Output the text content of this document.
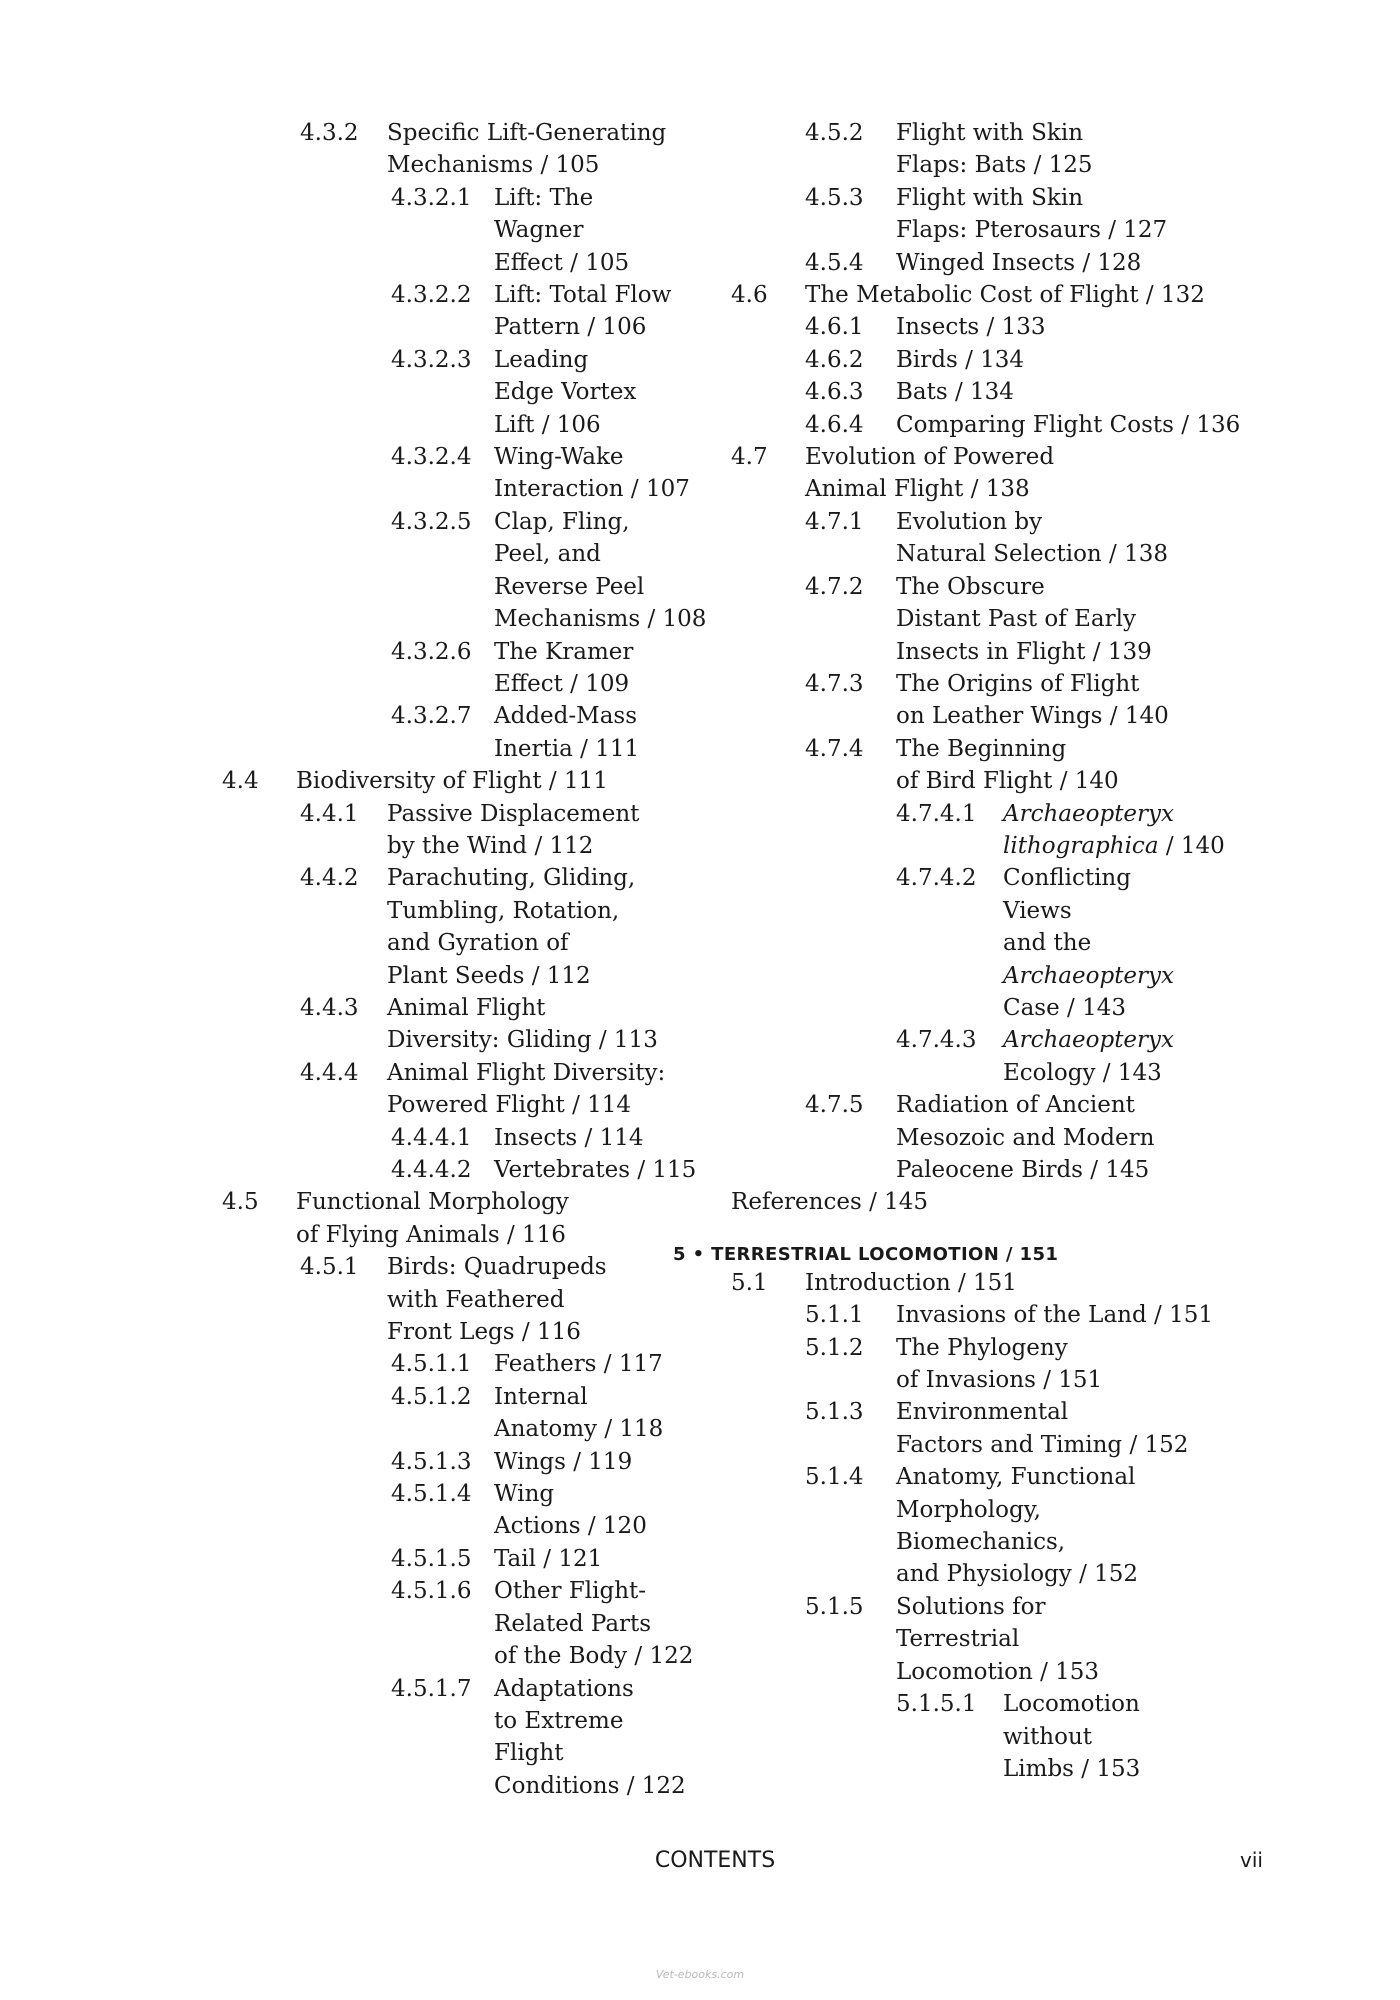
4.3.2 Specific Lift-Generating
Mechanisms / 105
4.3.2.1 Lift: The
Wagner
Effect / 105
4.3.2.2 Lift: Total Flow
Pattern / 106
4.3.2.3 Leading
Edge Vortex
Lift / 106
4.3.2.4 Wing-Wake
Interaction / 107
4.3.2.5 Clap, Fling,
Peel, and
Reverse Peel
Mechanisms / 108
4.3.2.6 The Kramer
Effect / 109
4.3.2.7 Added-Mass
Inertia / 111
4.4 Biodiversity of Flight / 111
4.4.1 Passive Displacement
by the Wind / 112
4.4.2 Parachuting, Gliding,
Tumbling, Rotation,
and Gyration of
Plant Seeds / 112
4.4.3 Animal Flight
Diversity: Gliding / 113
4.4.4 Animal Flight Diversity:
Powered Flight / 114
4.4.4.1 Insects / 114
4.4.4.2 Vertebrates / 115
4.5 Functional Morphology
of Flying Animals / 116
4.5.1 Birds: Quadrupeds
with Feathered
Front Legs / 116
4.5.1.1 Feathers / 117
4.5.1.2 Internal
Anatomy / 118
4.5.1.3 Wings / 119
4.5.1.4 Wing
Actions / 120
4.5.1.5 Tail / 121
4.5.1.6 Other Flight-
Related Parts
of the Body / 122
4.5.1.7 Adaptations
to Extreme
Flight
Conditions / 122
4.5.2 Flight with Skin
Flaps: Bats / 125
4.5.3 Flight with Skin
Flaps: Pterosaurs / 127
4.5.4 Winged Insects / 128
4.6 The Metabolic Cost of Flight / 132
4.6.1 Insects / 133
4.6.2 Birds / 134
4.6.3 Bats / 134
4.6.4 Comparing Flight Costs / 136
4.7 Evolution of Powered
Animal Flight / 138
4.7.1 Evolution by
Natural Selection / 138
4.7.2 The Obscure
Distant Past of Early
Insects in Flight / 139
4.7.3 The Origins of Flight
on Leather Wings / 140
4.7.4 The Beginning
of Bird Flight / 140
4.7.4.1 Archaeopteryx
lithographica / 140
4.7.4.2 Conflicting
Views
and the
Archaeopteryx
Case / 143
4.7.4.3 Archaeopteryx
Ecology / 143
4.7.5 Radiation of Ancient
Mesozoic and Modern
Paleocene Birds / 145
References / 145
5 • TERRESTRIAL LOCOMOTION / 151
5.1 Introduction / 151
5.1.1 Invasions of the Land / 151
5.1.2 The Phylogeny
of Invasions / 151
5.1.3 Environmental
Factors and Timing / 152
5.1.4 Anatomy, Functional
Morphology,
Biomechanics,
and Physiology / 152
5.1.5 Solutions for
Terrestrial
Locomotion / 153
5.1.5.1 Locomotion
without
Limbs / 153
CONTENTS	vii
Vet-ebooks.com
